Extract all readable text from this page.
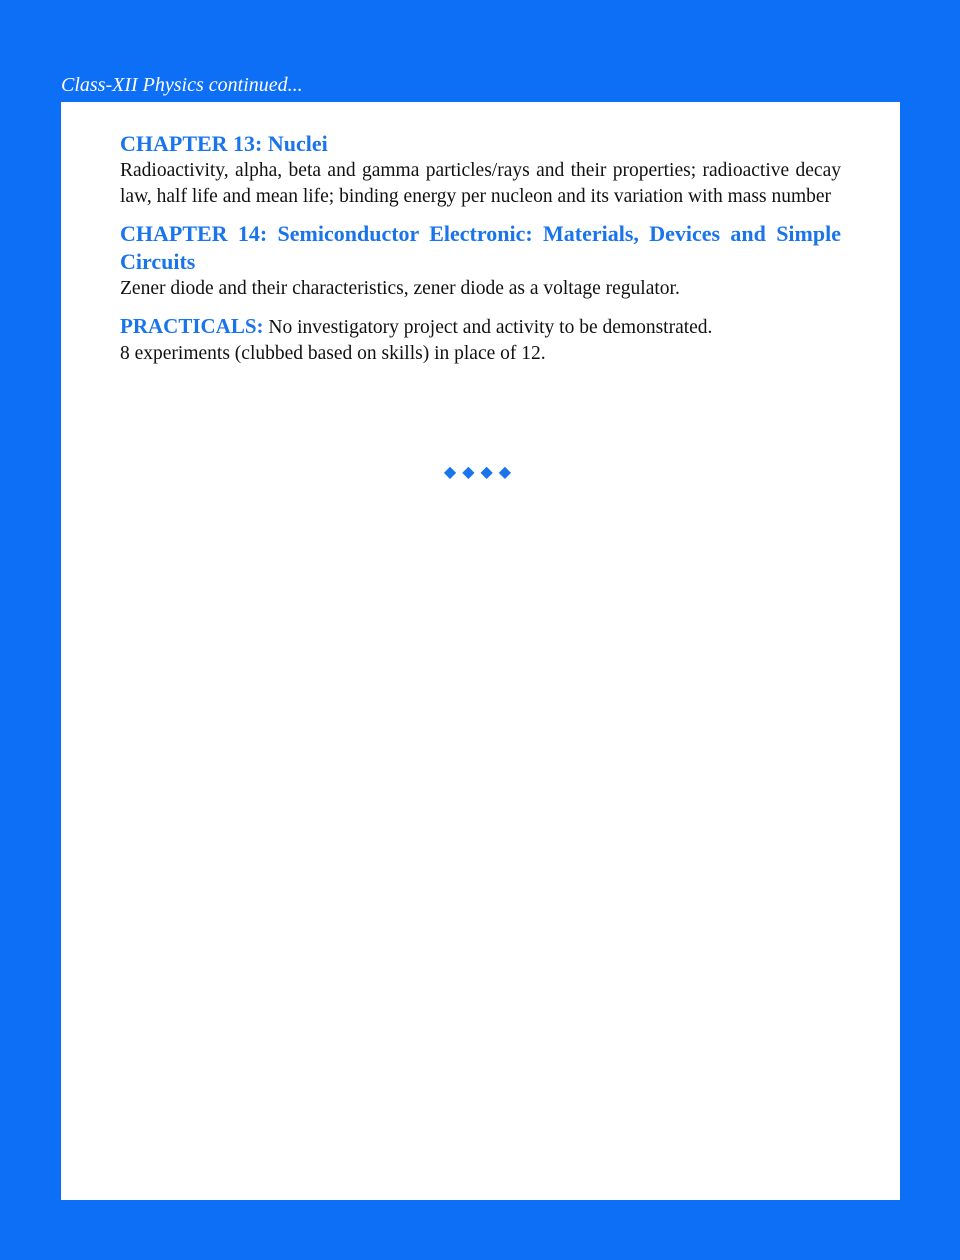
Class-XII Physics continued...

CHAPTER 13: Nuclei

Radioactivity, alpha, beta and gamma particles/rays and their properties; radioactive decay law, half life and mean life; binding energy per nucleon and its variation with mass number

CHAPTER 14: Semiconductor Electronic: Materials, Devices and Simple Circuits

Zener diode and their characteristics, zener diode as a voltage regulator.

PRACTICALS: No investigatory project and activity to be demonstrated.

8 experiments (clubbed based on skills) in place of 12.

◆◆◆◆
